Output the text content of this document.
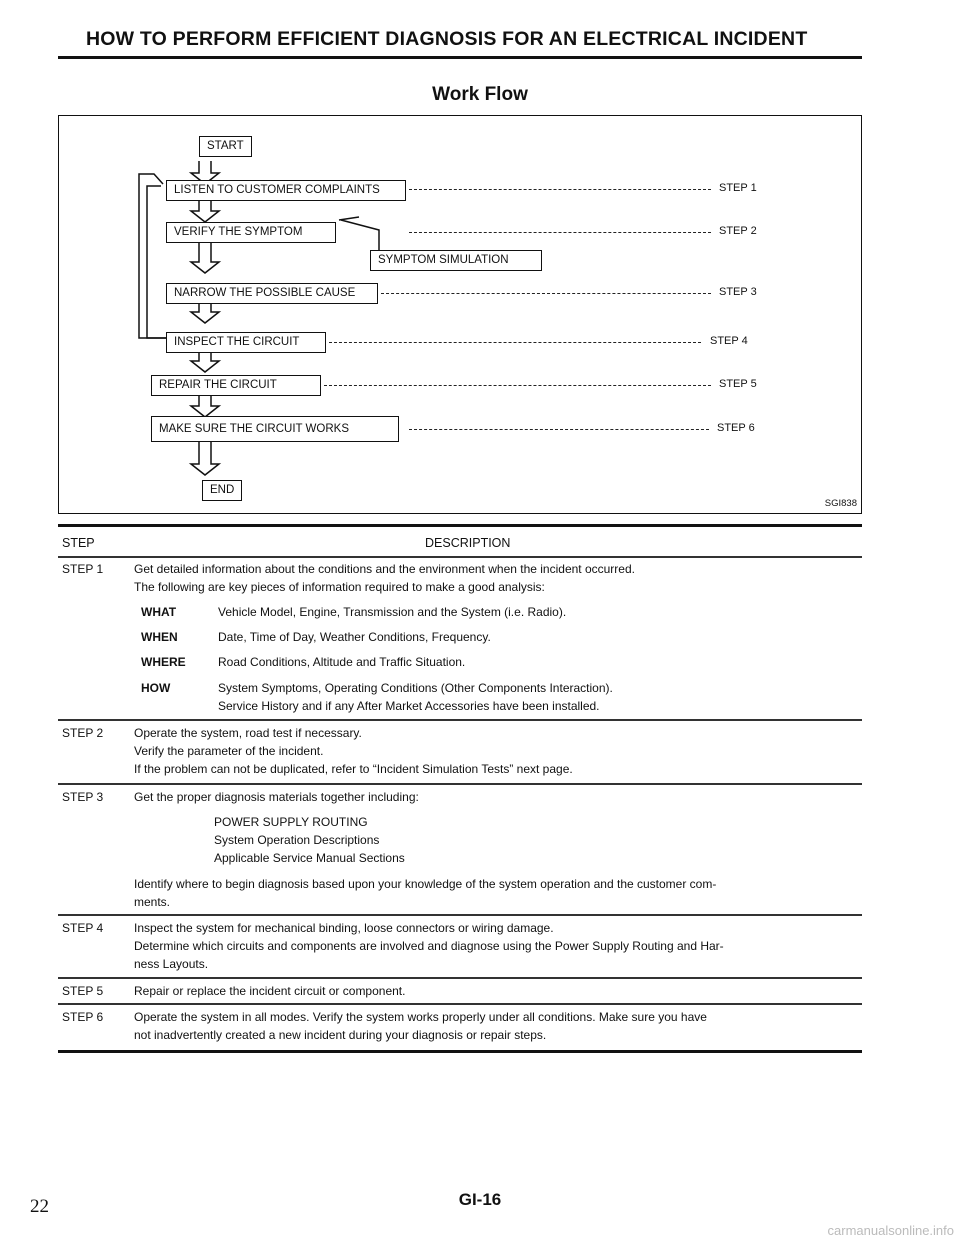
HOW TO PERFORM EFFICIENT DIAGNOSIS FOR AN ELECTRICAL INCIDENT
Work Flow
START
LISTEN TO CUSTOMER COMPLAINTS
VERIFY THE SYMPTOM
SYMPTOM SIMULATION
NARROW THE POSSIBLE CAUSE
INSPECT THE CIRCUIT
REPAIR THE CIRCUIT
MAKE SURE THE CIRCUIT WORKS
END
STEP 1
STEP 2
STEP 3
STEP 4
STEP 5
STEP 6
SGI838
STEP	DESCRIPTION
STEP 1	Get detailed information about the conditions and the environment when the incident occurred.
The following are key pieces of information required to make a good analysis:
WHAT	Vehicle Model, Engine, Transmission and the System (i.e. Radio).
WHEN	Date, Time of Day, Weather Conditions, Frequency.
WHERE	Road Conditions, Altitude and Traffic Situation.
HOW	System Symptoms, Operating Conditions (Other Components Interaction).
Service History and if any After Market Accessories have been installed.
STEP 2	Operate the system, road test if necessary.
Verify the parameter of the incident.
If the problem can not be duplicated, refer to “Incident Simulation Tests” next page.
STEP 3	Get the proper diagnosis materials together including:
POWER SUPPLY ROUTING
System Operation Descriptions
Applicable Service Manual Sections
Identify where to begin diagnosis based upon your knowledge of the system operation and the customer com-
ments.
STEP 4	Inspect the system for mechanical binding, loose connectors or wiring damage.
Determine which circuits and components are involved and diagnose using the Power Supply Routing and Har-
ness Layouts.
STEP 5	Repair or replace the incident circuit or component.
STEP 6	Operate the system in all modes. Verify the system works properly under all conditions. Make sure you have
not inadvertently created a new incident during your diagnosis or repair steps.
22	GI-16
carmanualsonline.info
